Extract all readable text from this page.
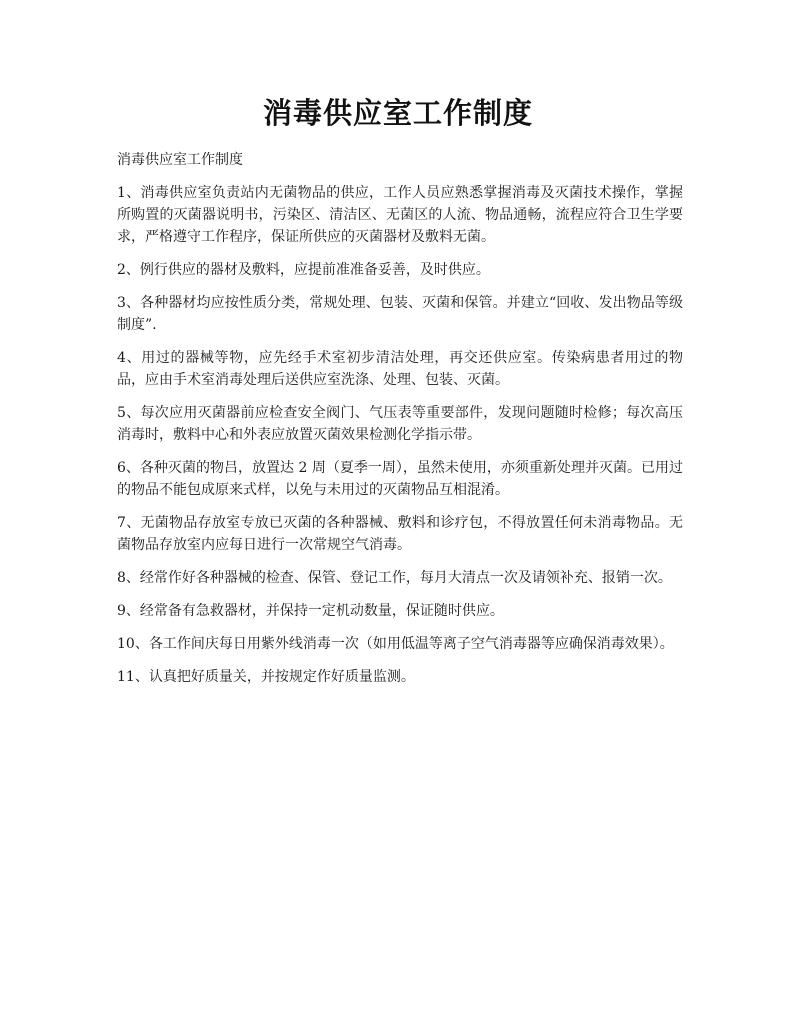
消毒供应室工作制度

消毒供应室工作制度

1、消毒供应室负责站内无菌物品的供应，工作人员应熟悉掌握消毒及灭菌技术操作，掌握所购置的灭菌器说明书，污染区、清洁区、无菌区的人流、物品通畅，流程应符合卫生学要求，严格遵守工作程序，保证所供应的灭菌器材及敷料无菌。

2、例行供应的器材及敷料，应提前准准备妥善，及时供应。

3、各种器材均应按性质分类，常规处理、包装、灭菌和保管。并建立“回收、发出物品等级制度”.

4、用过的器械等物，应先经手术室初步清洁处理，再交还供应室。传染病患者用过的物品，应由手术室消毒处理后送供应室洗涤、处理、包装、灭菌。

5、每次应用灭菌器前应检查安全阀门、气压表等重要部件，发现问题随时检修；每次高压消毒时，敷料中心和外表应放置灭菌效果检测化学指示带。

6、各种灭菌的物吕，放置达 2 周（夏季一周），虽然未使用，亦须重新处理并灭菌。已用过的物品不能包成原来式样，以免与未用过的灭菌物品互相混淆。

7、无菌物品存放室专放已灭菌的各种器械、敷料和诊疗包，不得放置任何未消毒物品。无菌物品存放室内应每日进行一次常规空气消毒。

8、经常作好各种器械的检查、保管、登记工作，每月大清点一次及请领补充、报销一次。

9、经常备有急救器材，并保持一定机动数量，保证随时供应。

10、各工作间庆每日用紫外线消毒一次（如用低温等离子空气消毒器等应确保消毒效果）。

11、认真把好质量关，并按规定作好质量监测。
